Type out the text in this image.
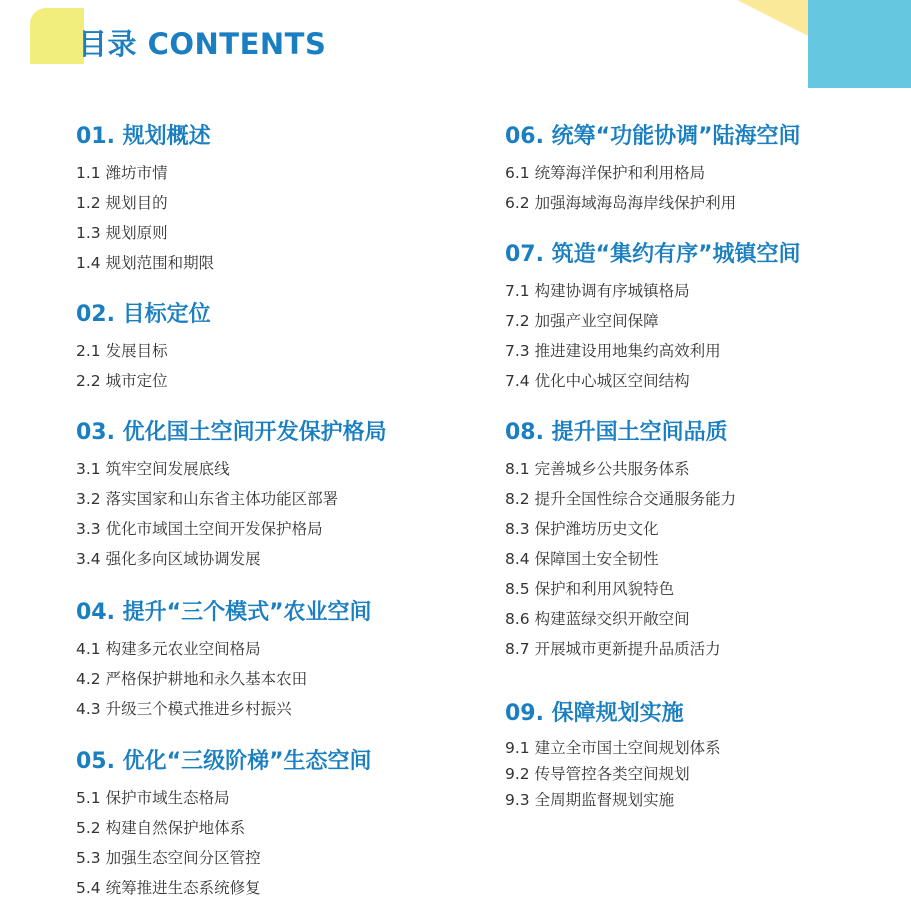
目录 CONTENTS
01. 规划概述
1.1 潍坊市情
1.2 规划目的
1.3 规划原则
1.4 规划范围和期限
02. 目标定位
2.1 发展目标
2.2 城市定位
03. 优化国土空间开发保护格局
3.1 筑牢空间发展底线
3.2 落实国家和山东省主体功能区部署
3.3 优化市域国土空间开发保护格局
3.4 强化多向区域协调发展
04. 提升“三个模式”农业空间
4.1 构建多元农业空间格局
4.2 严格保护耕地和永久基本农田
4.3 升级三个模式推进乡村振兴
05. 优化“三级阶梯”生态空间
5.1 保护市域生态格局
5.2 构建自然保护地体系
5.3 加强生态空间分区管控
5.4 统筹推进生态系统修复
06. 统筹“功能协调”陆海空间
6.1 统筹海洋保护和利用格局
6.2 加强海域海岛海岸线保护利用
07. 筑造“集约有序”城镇空间
7.1 构建协调有序城镇格局
7.2 加强产业空间保障
7.3 推进建设用地集约高效利用
7.4 优化中心城区空间结构
08. 提升国土空间品质
8.1 完善城乡公共服务体系
8.2 提升全国性综合交通服务能力
8.3 保护潍坊历史文化
8.4 保障国土安全韧性
8.5 保护和利用风貌特色
8.6 构建蓝绿交织开敞空间
8.7 开展城市更新提升品质活力
09. 保障规划实施
9.1 建立全市国土空间规划体系
9.2 传导管控各类空间规划
9.3 全周期监督规划实施
